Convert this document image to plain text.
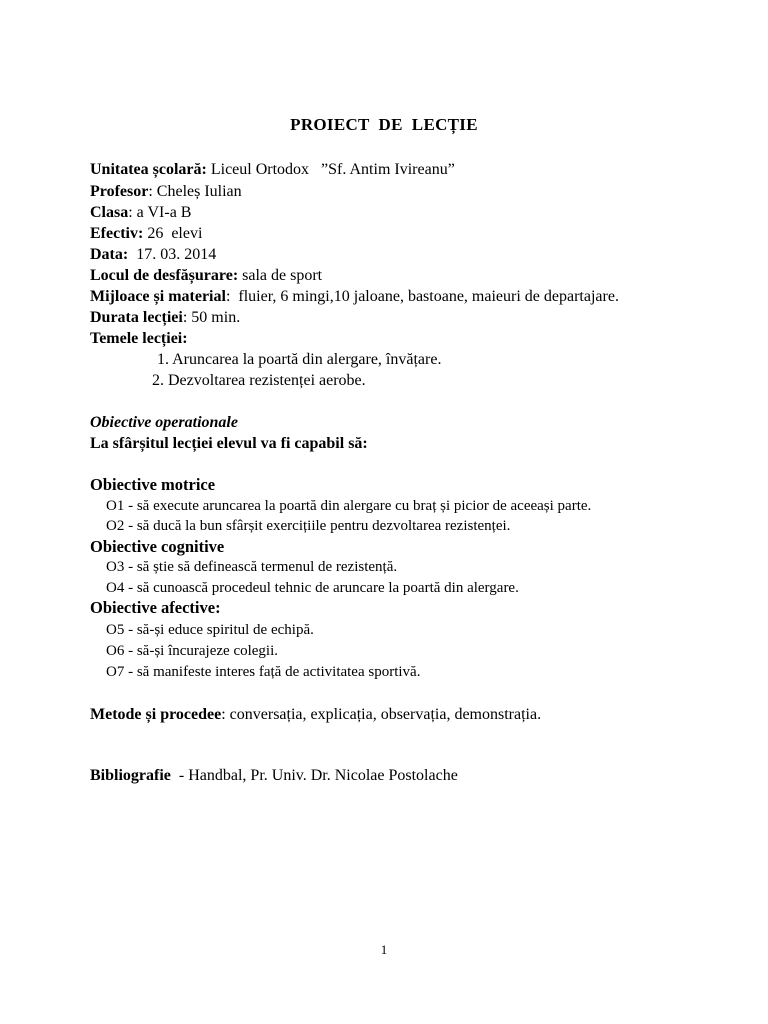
PROIECT  DE  LECȚIE
Unitatea școlară: Liceul Ortodox   ”Sf. Antim Ivireanu”
Profesor: Cheleș Iulian
Clasa: a VI-a B
Efectiv: 26  elevi
Data:  17. 03. 2014
Locul de desfășurare: sala de sport
Mijloace și material:  fluier, 6 mingi,10 jaloane, bastoane, maieuri de departajare.
Durata lecției: 50 min.
Temele lecției:
1. Aruncarea la poartă din alergare, învățare.
2. Dezvoltarea rezistenței aerobe.
Obiective operationale
La sfârșitul lecției elevul va fi capabil să:
Obiective motrice
O1 - să execute aruncarea la poartă din alergare cu braț și picior de aceeași parte.
O2 - să ducă la bun sfârșit exercițiile pentru dezvoltarea rezistenței.
Obiective cognitive
O3 - să știe să definească termenul de rezistență.
O4 - să cunoască procedeul tehnic de aruncare la poartă din alergare.
Obiective afective:
O5 - să-și educe spiritul de echipă.
O6 - să-și încurajeze colegii.
O7 - să manifeste interes față de activitatea sportivă.
Metode și procedee: conversația, explicația, observația, demonstrația.
Bibliografie  - Handbal, Pr. Univ. Dr. Nicolae Postolache
1
